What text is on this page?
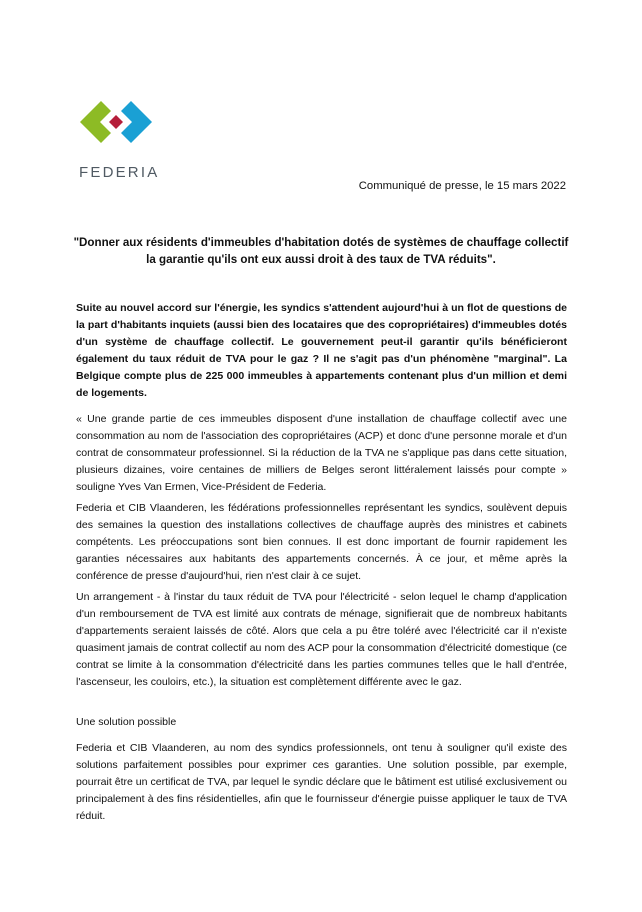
FEDERIA
Communiqué de presse, le 15 mars 2022
"Donner aux résidents d'immeubles d'habitation dotés de systèmes de chauffage collectif
la garantie qu'ils ont eux aussi droit à des taux de TVA réduits".

Suite au nouvel accord sur l'énergie, les syndics s'attendent aujourd'hui à un flot de questions de la part d'habitants inquiets (aussi bien des locataires que des copropriétaires) d'immeubles dotés d'un système de chauffage collectif. Le gouvernement peut-il garantir qu'ils bénéficieront également du taux réduit de TVA pour le gaz ? Il ne s'agit pas d'un phénomène "marginal". La Belgique compte plus de 225 000 immeubles à appartements contenant plus d'un million et demi de logements.

« Une grande partie de ces immeubles disposent d'une installation de chauffage collectif avec une consommation au nom de l'association des copropriétaires (ACP) et donc d'une personne morale et d'un contrat de consommateur professionnel. Si la réduction de la TVA ne s'applique pas dans cette situation, plusieurs dizaines, voire centaines de milliers de Belges seront littéralement laissés pour compte » souligne Yves Van Ermen, Vice-Président de Federia.

Federia et CIB Vlaanderen, les fédérations professionnelles représentant les syndics, soulèvent depuis des semaines la question des installations collectives de chauffage auprès des ministres et cabinets compétents. Les préoccupations sont bien connues. Il est donc important de fournir rapidement les garanties nécessaires aux habitants des appartements concernés. À ce jour, et même après la conférence de presse d'aujourd'hui, rien n'est clair à ce sujet.

Un arrangement - à l'instar du taux réduit de TVA pour l'électricité - selon lequel le champ d'application d'un remboursement de TVA est limité aux contrats de ménage, signifierait que de nombreux habitants d'appartements seraient laissés de côté. Alors que cela a pu être toléré avec l'électricité car il n'existe quasiment jamais de contrat collectif au nom des ACP pour la consommation d'électricité domestique (ce contrat se limite à la consommation d'électricité dans les parties communes telles que le hall d'entrée, l'ascenseur, les couloirs, etc.), la situation est complètement différente avec le gaz.

Une solution possible

Federia et CIB Vlaanderen, au nom des syndics professionnels, ont tenu à souligner qu'il existe des solutions parfaitement possibles pour exprimer ces garanties. Une solution possible, par exemple, pourrait être un certificat de TVA, par lequel le syndic déclare que le bâtiment est utilisé exclusivement ou principalement à des fins résidentielles, afin que le fournisseur d'énergie puisse appliquer le taux de TVA réduit.
